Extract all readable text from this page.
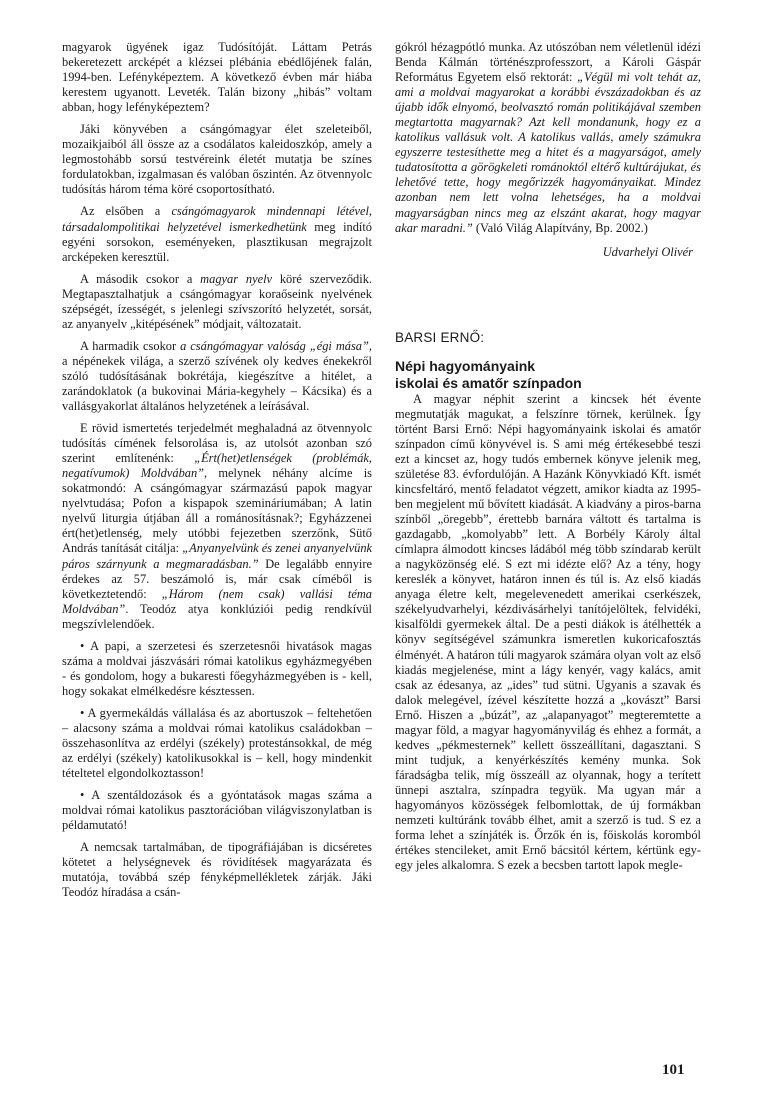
magyarok ügyének igaz Tudósítóját. Láttam Petrás bekeretezett arcképét a klézsei plébánia ebédlőjének falán, 1994-ben. Lefényképeztem. A következő évben már hiába kerestem ugyanott. Leveték. Talán bizony „hibás” voltam abban, hogy lefényképeztem?

Jáki könyvében a csángómagyar élet szeleteiből, mozaikjaiból áll össze az a csodálatos kaleidoszkóp, amely a legmostohább sorsú testvéreink életét mutatja be színes fordulatokban, izgalmasan és valóban őszintén. Az ötvennyolc tudósítás három téma köré csoportosítható.

Az elsőben a csángómagyarok mindennapi létével, társadalompolitikai helyzetével ismerkedhetünk meg indító egyéni sorsokon, eseményeken, plasztikusan megrajzolt arcképeken keresztül.

A második csokor a magyar nyelv köré szerveződik. Megtapasztalhatjuk a csángómagyar koraőseink nyelvének szépségét, ízességét, s jelenlegi szívszorító helyzetét, sorsát, az anyanyelv „kitépésének” módjait, változatait.

A harmadik csokor a csángómagyar valóság „égi mása”, a népénekek világa, a szerző szívének oly kedves énekekről szóló tudósításának bokrétája, kiegészítve a hitélet, a zarándoklatok (a bukovinai Mária-kegyhely – Kácsika) és a vallásgyakorlat általános helyzetének a leírásával.

E rövid ismertetés terjedelmét meghaladná az ötvennyolc tudósítás címének felsorolása is, az utolsót azonban szó szerint említenénk: „Ért(het)etlenségek (problémák, negatívumok) Moldvában”, melynek néhány alcíme is sokatmondó: A csángómagyar származású papok magyar nyelvtudása; Pofon a kispapok szemináriumában; A latin nyelvű liturgia útjában áll a románosításnak?; Egyházzenei ért(het)etlenség, mely utóbbi fejezetben szerzőnk, Sütő András tanítását citálja: „Anyanyelvünk és zenei anyanyelvünk páros szárnyunk a megmaradásban.” De legalább ennyire érdekes az 57. beszámoló is, már csak címéből is következtetendő: „Három (nem csak) vallási téma Moldvában”. Teodóz atya konklúziói pedig rendkívül megszívlelendőek.

• A papi, a szerzetesi és szerzetesnői hivatások magas száma a moldvai jászvásári római katolikus egyházmegyében - és gondolom, hogy a bukaresti főegyházmegyében is - kell, hogy sokakat elmélkedésre késztessen.

• A gyermekáldás vállalása és az abortuszok – feltehetően – alacsony száma a moldvai római katolikus családokban – összehasonlítva az erdélyi (székely) protestánsokkal, de még az erdélyi (székely) katolikusokkal is – kell, hogy mindenkit tételtetel elgondolkoztasson!

• A szentáldozások és a gyóntatások magas száma a moldvai római katolikus pasztorációban világviszonylatban is példamutató!

A nemcsak tartalmában, de tipográfiájában is dicséretes kötetet a helységnevek és rövidítések magyarázata és mutatója, továbbá szép fényképmellékletek zárják. Jáki Teodóz híradása a csán-

gókról hézagpótló munka. Az utószóban nem véletlenül idézi Benda Kálmán történészprofesszort, a Károli Gáspár Református Egyetem első rektorát: „Végül mi volt tehát az, ami a moldvai magyarokat a korábbi évszázadokban és az újabb idők elnyomó, beolvasztó román politikájával szemben megtartotta magyarnak? Azt kell mondanunk, hogy ez a katolikus vallásuk volt. A katolikus vallás, amely számukra egyszerre testesíthette meg a hitet és a magyarságot, amely tudatosította a görögkeleti románoktól eltérő kultúrájukat, és lehetővé tette, hogy megőrizzék hagyományaikat. Mindez azonban nem lett volna lehetséges, ha a moldvai magyarságban nincs meg az elszánt akarat, hogy magyar akar maradni.” (Való Világ Alapítvány, Bp. 2002.)

Udvarhelyi Olivér
BARSI ERNŐ:
Népi hagyományaink
iskolai és amatőr színpadon

A magyar néphit szerint a kincsek hét évente megmutatják magukat, a felszínre törnek, kerülnek. Így történt Barsi Ernő: Népi hagyományaink iskolai és amatőr színpadon című könyvével is. S ami még értékesebbé teszi ezt a kincset az, hogy tudós embernek könyve jelenik meg, születése 83. évfordulóján. A Hazánk Könyvkiadó Kft. ismét kincsfeltáró, mentő feladatot végzett, amikor kiadta az 1995-ben megjelent mű bővített kiadását. A kiadvány a piros-barna színből „öregebb”, érettebb barnára váltott és tartalma is gazdagabb, „komolyabb” lett. A Borbély Károly által címlapra álmodott kincses ládából még több színdarab került a nagyközönség elé. S ezt mi idézte elő? Az a tény, hogy kereslék a könyvet, határon innen és túl is. Az első kiadás anyaga életre kelt, megelevenedett amerikai cserkészek, székelyudvarhelyi, kézdivásárhelyi tanítójelöltek, felvidéki, kisalföldi gyermekek által. De a pesti diákok is átélhették a könyv segítségével számunkra ismeretlen kukoricafosztás élményét. A határon túli magyarok számára olyan volt az első kiadás megjelenése, mint a lágy kenyér, vagy kalács, amit csak az édesanya, az „ides” tud sütni. Ugyanis a szavak és dalok melegével, ízével készítette hozzá a „kovászt” Barsi Ernő. Hiszen a „búzát”, az „alapanyagot” megteremtette a magyar föld, a magyar hagyományvilág és ehhez a formát, a kedves „pékmesternek” kellett összeállítani, dagasztani. S mint tudjuk, a kenyérkészítés kemény munka. Sok fáradságba telik, míg összeáll az olyannak, hogy a terített ünnepi asztalra, színpadra tegyük. Ma ugyan már a hagyományos közösségek felbomlottak, de új formákban nemzeti kultúránk tovább élhet, amit a szerző is tud. S ez a forma lehet a színjáték is. Őrzők én is, főiskolás koromból értékes stencileket, amit Ernő bácsitól kértem, kértünk egy-egy jeles alkalomra. S ezek a becsben tartott lapok megle-

101
